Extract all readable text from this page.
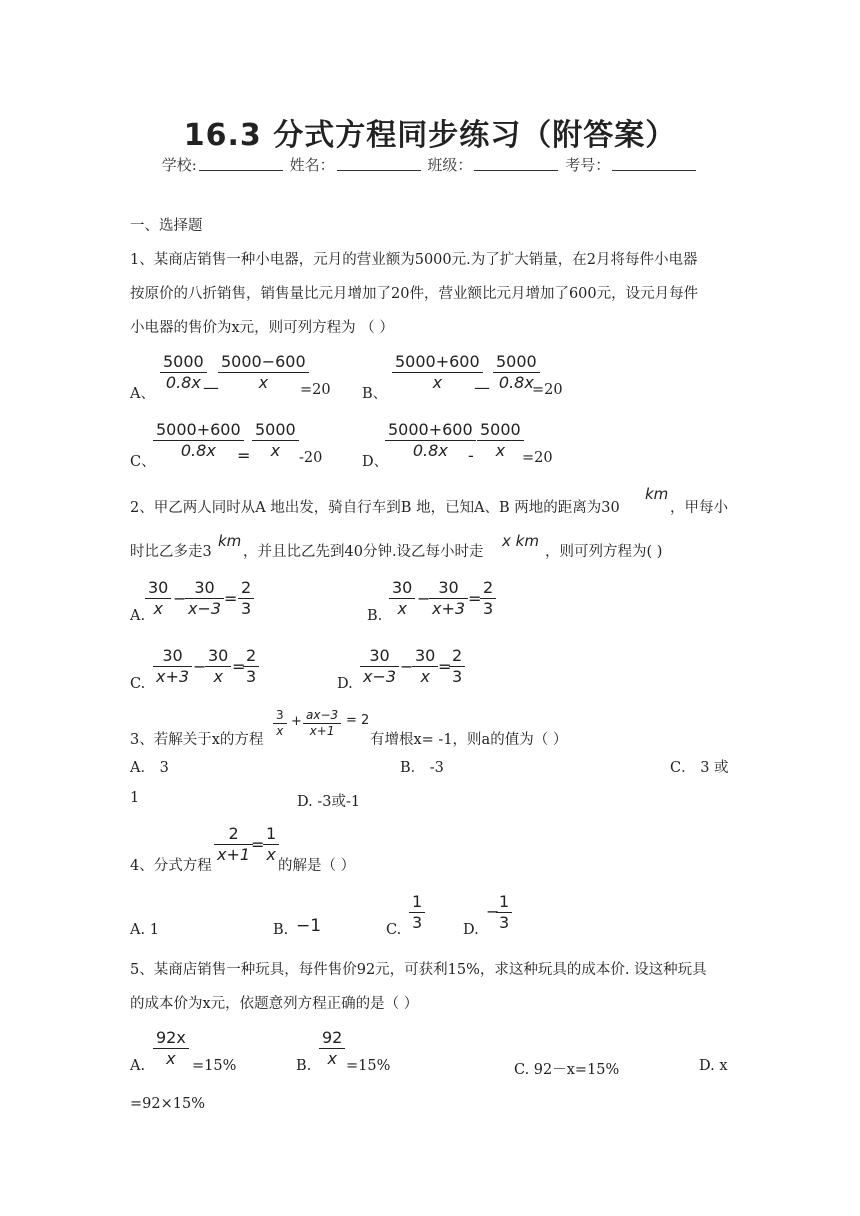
16.3 分式方程同步练习（附答案）
学校:	姓名：	班级：	考号：
一、选择题
1、某商店销售一种小电器，元月的营业额为5000元.为了扩大销量，在2月将每件小电器
按原价的八折销售，销售量比元月增加了20件，营业额比元月增加了600元，设元月每件
小电器的售价为x元，则可列方程为 （ ）
A、
5000
0.8x —
5000−600
x =20 B、
5000+600
x —
5000
0.8x
=20
C、
5000+600
0.8x =
5000
x -20	D、
5000+600
0.8x -
5000
x =20
2、甲乙两人同时从A 地出发，骑自行车到B 地，已知A、B 两地的距离为30
km
，甲每小
时比乙多走3
km
，并且比乙先到40分钟.设乙每小时走
x km
，则可列方程为( )
A.
30
x
−
30
x−3
=
2
3	B.
30
x
−
30
x+3
=
2
3
C.
30
x+3
−
30
x
=
2
3	D.
30
x−3
−
30
x
=
2
3
3、若解关于x的方程
3
x
+ ax−3
x+1
= 2
有增根x= -1，则a的值为（ ）
A． 3	B． -3	C． 3 或
1	D. -3或-1
4、分式方程
2
x+1
=
1
x
的解是（ ）
A. 1	B. −1	C.
1
3	D.
−
1
3
5、某商店销售一种玩具，每件售价92元，可获利15%，求这种玩具的成本价. 设这种玩具
的成本价为x元，依题意列方程正确的是（ ）
A.
92x
x =15%	B.
92
x =15%	C. 92－x=15%	D. x
=92×15%
